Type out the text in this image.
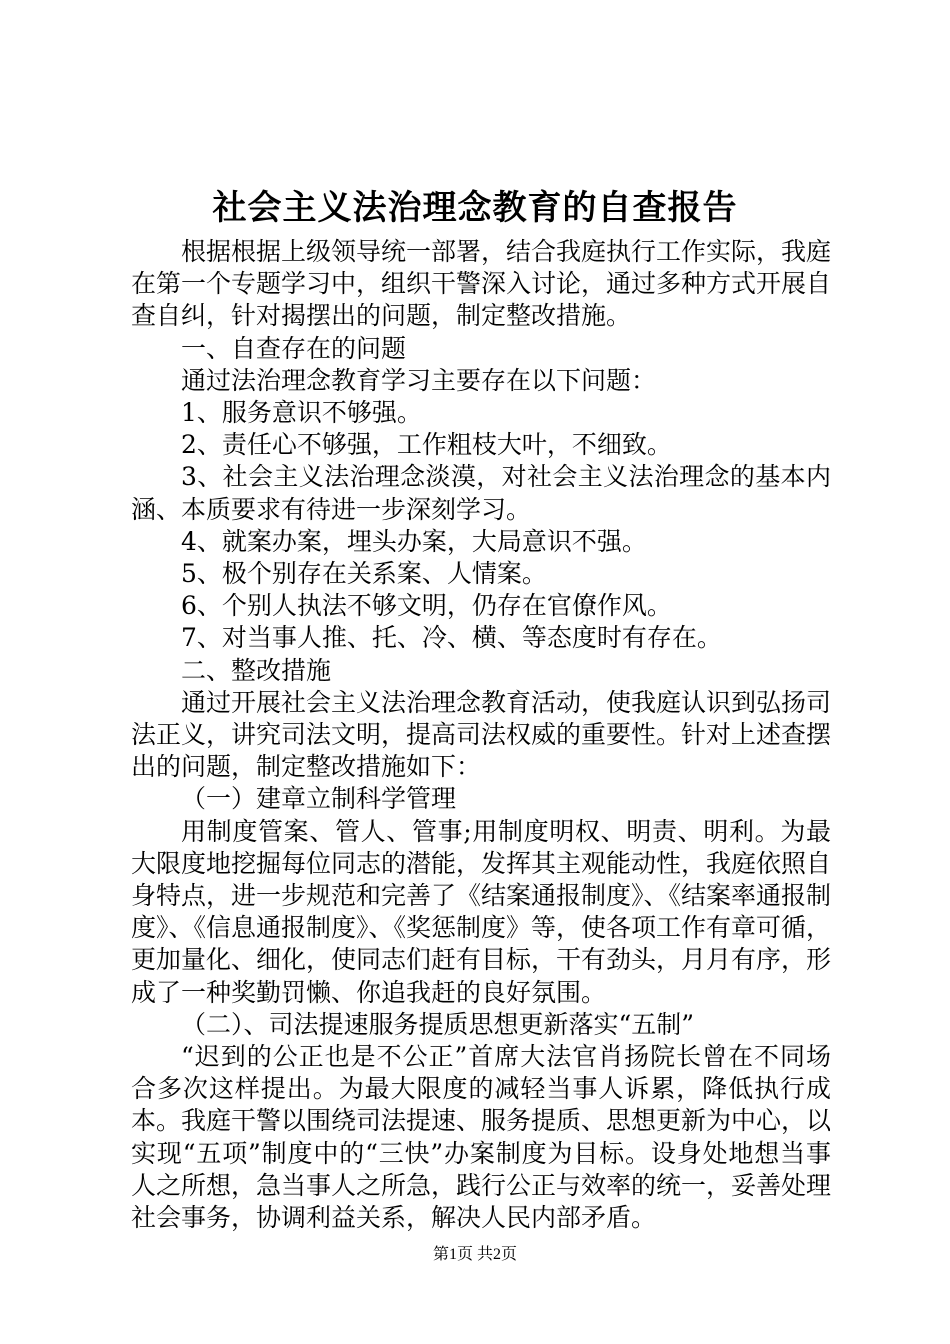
社会主义法治理念教育的自查报告

根据根据上级领导统一部署，结合我庭执行工作实际，我庭在第一个专题学习中，组织干警深入讨论，通过多种方式开展自查自纠，针对揭摆出的问题，制定整改措施。

一、自查存在的问题

通过法治理念教育学习主要存在以下问题：

1、服务意识不够强。

2、责任心不够强，工作粗枝大叶，不细致。

3、社会主义法治理念淡漠，对社会主义法治理念的基本内涵、本质要求有待进一步深刻学习。

4、就案办案，埋头办案，大局意识不强。

5、极个别存在关系案、人情案。

6、个别人执法不够文明，仍存在官僚作风。

7、对当事人推、托、冷、横、等态度时有存在。

二、整改措施

通过开展社会主义法治理念教育活动，使我庭认识到弘扬司法正义，讲究司法文明，提高司法权威的重要性。针对上述查摆出的问题，制定整改措施如下：

（一）建章立制科学管理

用制度管案、管人、管事;用制度明权、明责、明利。为最大限度地挖掘每位同志的潜能，发挥其主观能动性，我庭依照自身特点，进一步规范和完善了《结案通报制度》、《结案率通报制度》、《信息通报制度》、《奖惩制度》等，使各项工作有章可循，更加量化、细化，使同志们赶有目标，干有劲头，月月有序，形成了一种奖勤罚懒、你追我赶的良好氛围。

（二）、司法提速服务提质思想更新落实“五制”

“迟到的公正也是不公正”首席大法官肖扬院长曾在不同场合多次这样提出。为最大限度的减轻当事人诉累，降低执行成本。我庭干警以围绕司法提速、服务提质、思想更新为中心，以实现“五项”制度中的“三快”办案制度为目标。设身处地想当事人之所想，急当事人之所急，践行公正与效率的统一，妥善处理社会事务，协调利益关系，解决人民内部矛盾。

第1页 共2页
